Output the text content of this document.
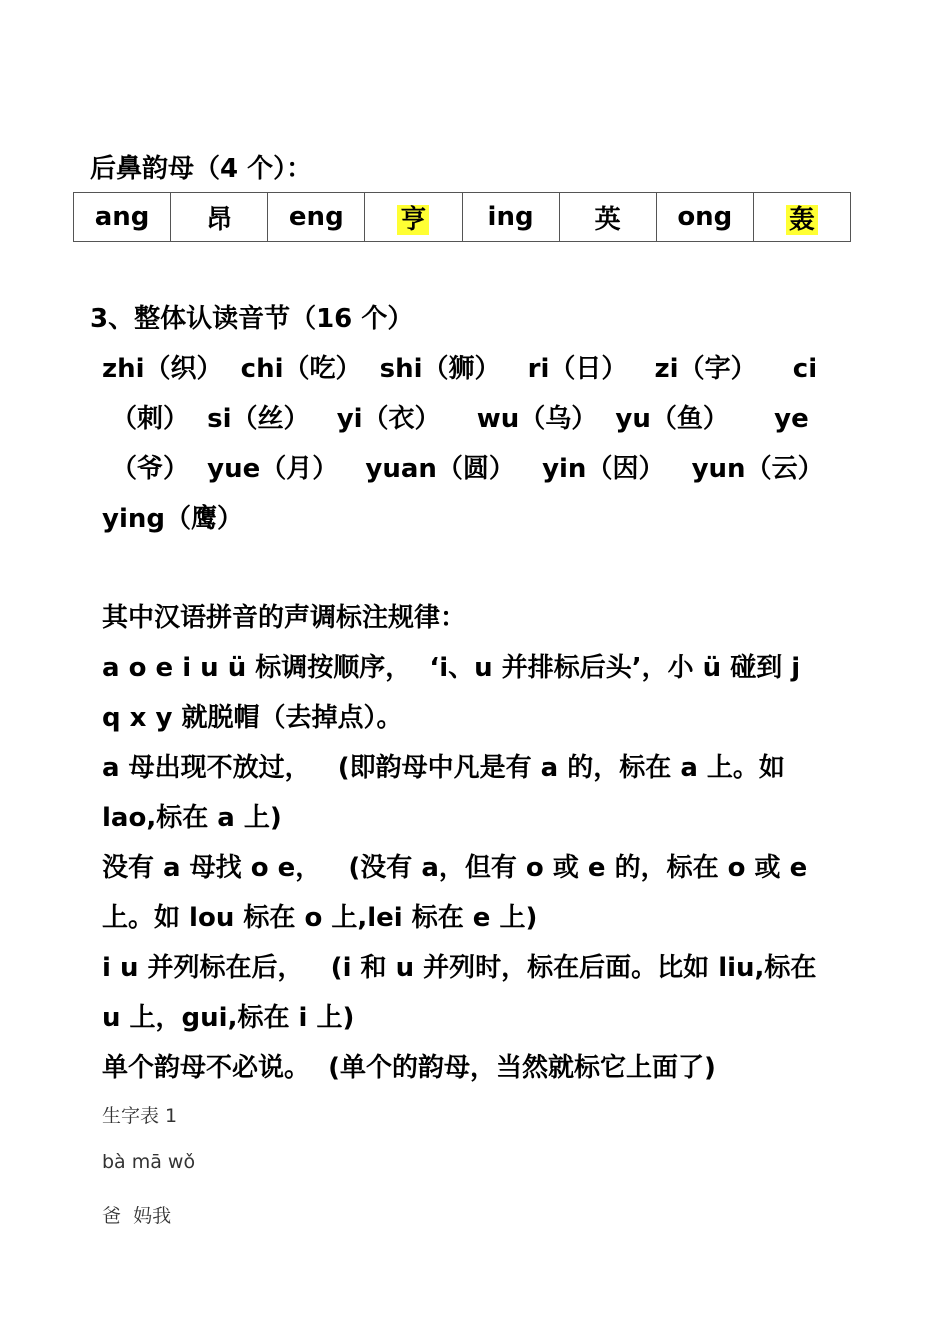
后鼻韵母（4 个）：
ang	昂	eng	亨	ing	英	ong	轰
3、整体认读音节（16 个）
zhi（织）  chi（吃）  shi（狮）   ri（日）   zi（字）    ci
（刺）  si（丝）   yi（衣）    wu（乌）  yu（鱼）     ye
（爷）  yue（月）   yuan（圆）   yin（因）   yun（云）
ying（鹰）
其中汉语拼音的声调标注规律：
a o e i u ü 标调按顺序，  ‘i、u 并排标后头’，小 ü 碰到 j
q x y 就脱帽（去掉点）。
a 母出现不放过，   (即韵母中凡是有 a 的，标在 a 上。如
lao,标在 a 上)
没有 a 母找 o e，   (没有 a，但有 o 或 e 的，标在 o 或 e
上。如 lou 标在 o 上,lei 标在 e 上)
i u 并列标在后，   (i 和 u 并列时，标在后面。比如 liu,标在
u 上，gui,标在 i 上)
单个韵母不必说。  (单个的韵母，当然就标它上面了)
生字表 1
bà mā wǒ
爸  妈我
